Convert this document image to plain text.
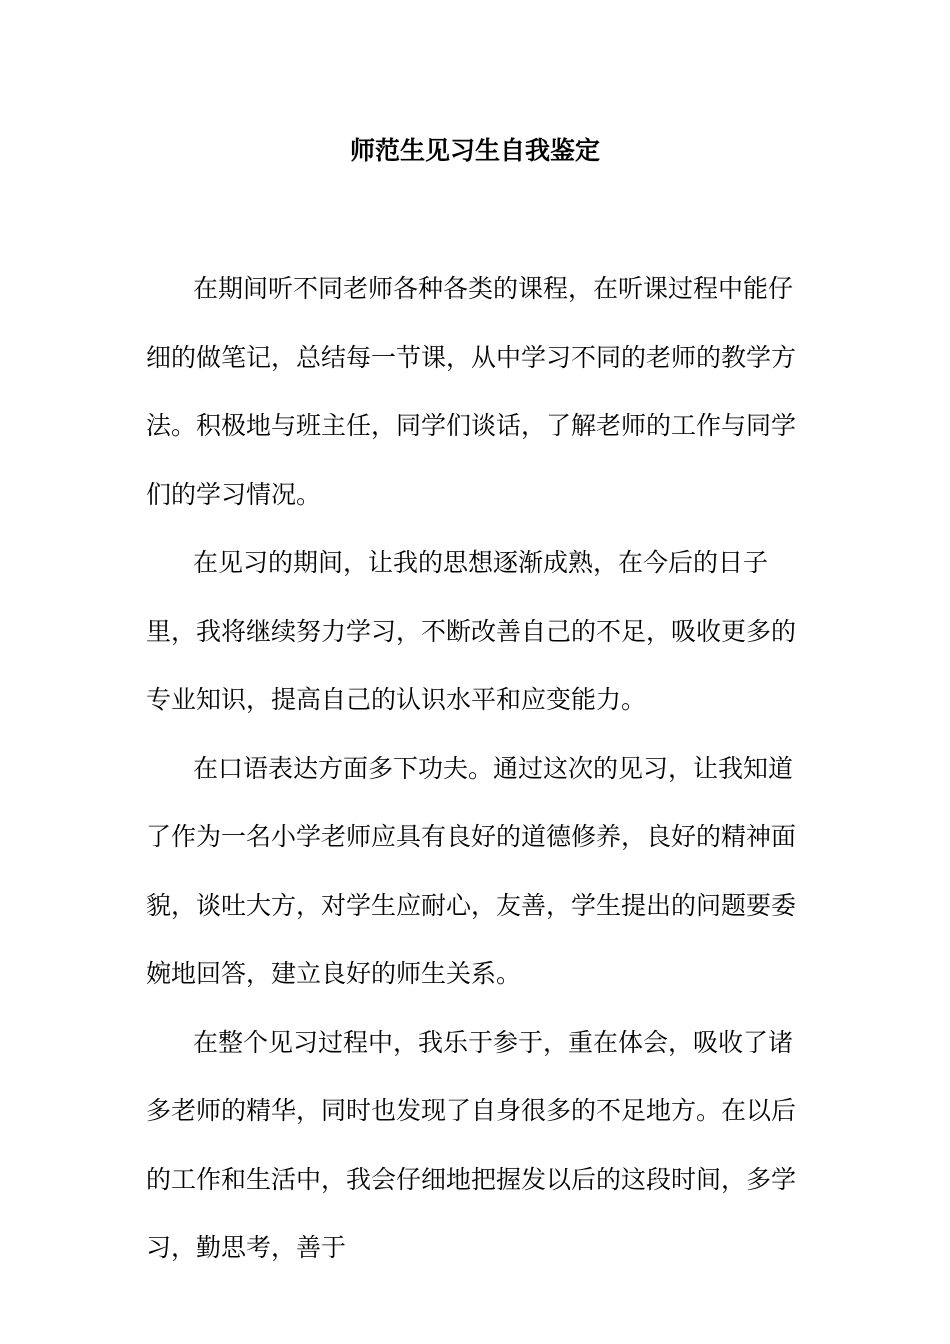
师范生见习生自我鉴定

在期间听不同老师各种各类的课程，在听课过程中能仔细的做笔记，总结每一节课，从中学习不同的老师的教学方法。积极地与班主任，同学们谈话，了解老师的工作与同学们的学习情况。

在见习的期间，让我的思想逐渐成熟，在今后的日子里，我将继续努力学习，不断改善自己的不足，吸收更多的专业知识，提高自己的认识水平和应变能力。

在口语表达方面多下功夫。通过这次的见习，让我知道了作为一名小学老师应具有良好的道德修养，良好的精神面貌，谈吐大方，对学生应耐心，友善，学生提出的问题要委婉地回答，建立良好的师生关系。

在整个见习过程中，我乐于参于，重在体会，吸收了诸多老师的精华，同时也发现了自身很多的不足地方。在以后的工作和生活中，我会仔细地把握发以后的这段时间，多学习，勤思考，善于
